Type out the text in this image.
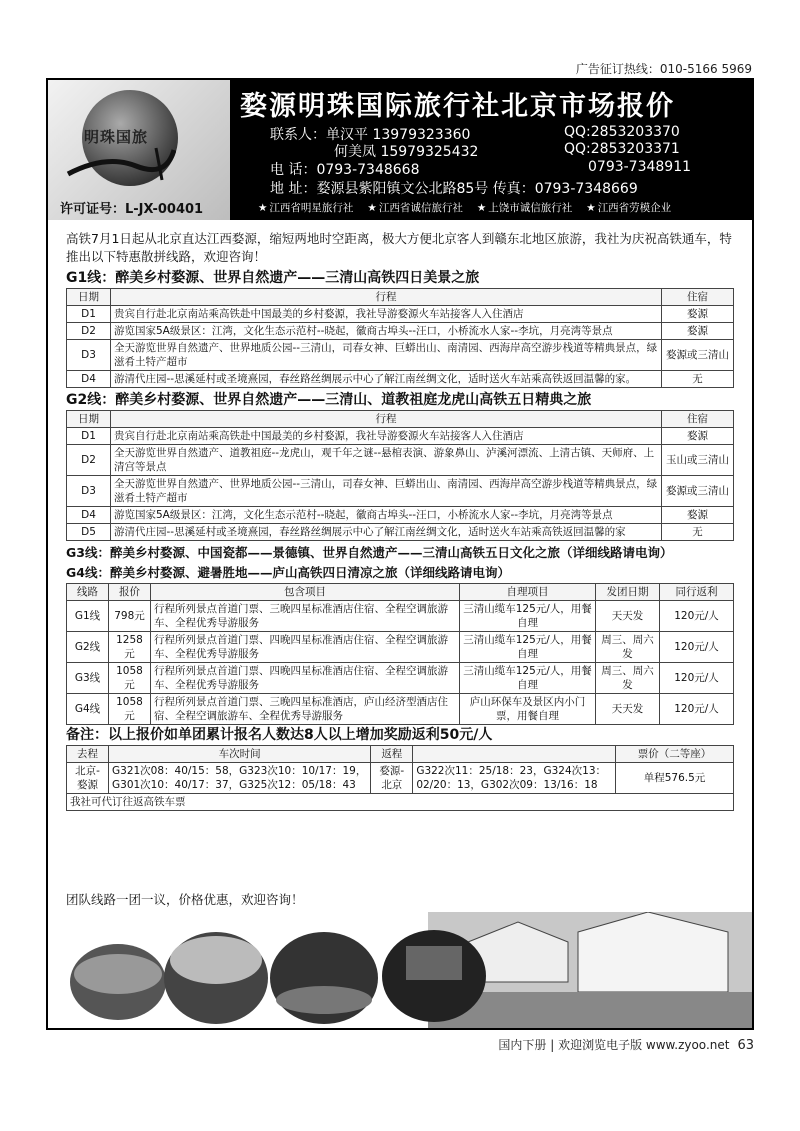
广告征订热线：010-5166 5969
明珠国旅
许可证号：L-JX-00401
婺源明珠国际旅行社北京市场报价
联系人：单汉平 13979323360	QQ:2853203370
何美凤 15979325432	QQ:2853203371
电 话：0793-7348668	0793-7348911
地 址：婺源县紫阳镇文公北路85号 传真：0793-7348669
★ 江西省明星旅行社 ★ 江西省诚信旅行社 ★ 上饶市诚信旅行社 ★ 江西省劳模企业
高铁7月1日起从北京直达江西婺源，缩短两地时空距离，极大方便北京客人到赣东北地区旅游，我社为庆祝高铁通车，特推出以下特惠散拼线路，欢迎咨询！
G1线：醉美乡村婺源、世界自然遗产——三清山高铁四日美景之旅
日期	行程	住宿
D1	贵宾自行赴北京南站乘高铁赴中国最美的乡村婺源，我社导游婺源火车站接客人入住酒店	婺源
D2	游览国家5A级景区：江湾，文化生态示范村--晓起，徽商古埠头--汪口，小桥流水人家--李坑，月亮湾等景点	婺源
D3	全天游览世界自然遗产、世界地质公园--三清山，司春女神、巨蟒出山、南清园、西海岸高空游步栈道等精典景点，绿滋肴土特产超市	婺源或三清山
D4	游清代庄园--思溪延村或圣境熹园，春丝路丝绸展示中心了解江南丝绸文化，适时送火车站乘高铁返回温馨的家。	无
G2线：醉美乡村婺源、世界自然遗产——三清山、道教祖庭龙虎山高铁五日精典之旅
日期	行程	住宿
D1	贵宾自行赴北京南站乘高铁赴中国最美的乡村婺源，我社导游婺源火车站接客人入住酒店	婺源
D2	全天游览世界自然遗产、道教祖庭--龙虎山，观千年之谜--悬棺表演、游象鼻山、泸溪河漂流、上清古镇、天师府、上清宫等景点	玉山或三清山
D3	全天游览世界自然遗产、世界地质公园--三清山，司春女神、巨蟒出山、南清园、西海岸高空游步栈道等精典景点，绿滋肴土特产超市	婺源或三清山
D4	游览国家5A级景区：江湾，文化生态示范村--晓起，徽商古埠头--汪口，小桥流水人家--李坑，月亮湾等景点	婺源
D5	游清代庄园--思溪延村或圣境熹园，春丝路丝绸展示中心了解江南丝绸文化，适时送火车站乘高铁返回温馨的家	无
G3线：醉美乡村婺源、中国瓷都——景德镇、世界自然遗产——三清山高铁五日文化之旅（详细线路请电询）
G4线：醉美乡村婺源、避暑胜地——庐山高铁四日清凉之旅（详细线路请电询）
线路	报价	包含项目	自理项目	发团日期	同行返利
G1线	798元	行程所列景点首道门票、三晚四星标准酒店住宿、全程空调旅游车、全程优秀导游服务	三清山缆车125元/人，用餐自理	天天发	120元/人
G2线	1258元	行程所列景点首道门票、四晚四星标准酒店住宿、全程空调旅游车、全程优秀导游服务	三清山缆车125元/人，用餐自理	周三、周六发	120元/人
G3线	1058元	行程所列景点首道门票、四晚四星标准酒店住宿、全程空调旅游车、全程优秀导游服务	三清山缆车125元/人，用餐自理	周三、周六发	120元/人
G4线	1058元	行程所列景点首道门票、三晚四星标准酒店，庐山经济型酒店住宿、全程空调旅游车、全程优秀导游服务	庐山环保车及景区内小门票，用餐自理	天天发	120元/人
备注：以上报价如单团累计报名人数达8人以上增加奖励返利50元/人
去程	车次时间	返程		票价（二等座）
北京-婺源	G321次08：40/15：58，G323次10：10/17：19，G301次10：40/17：37，G325次12：05/18：43	婺源-北京	G322次11：25/18：23，G324次13：02/20：13，G302次09：13/16：18	单程576.5元
我社可代订往返高铁车票				
团队线路一团一议，价格优惠，欢迎咨询！
国内下册 | 欢迎浏览电子版 www.zyoo.net 63
